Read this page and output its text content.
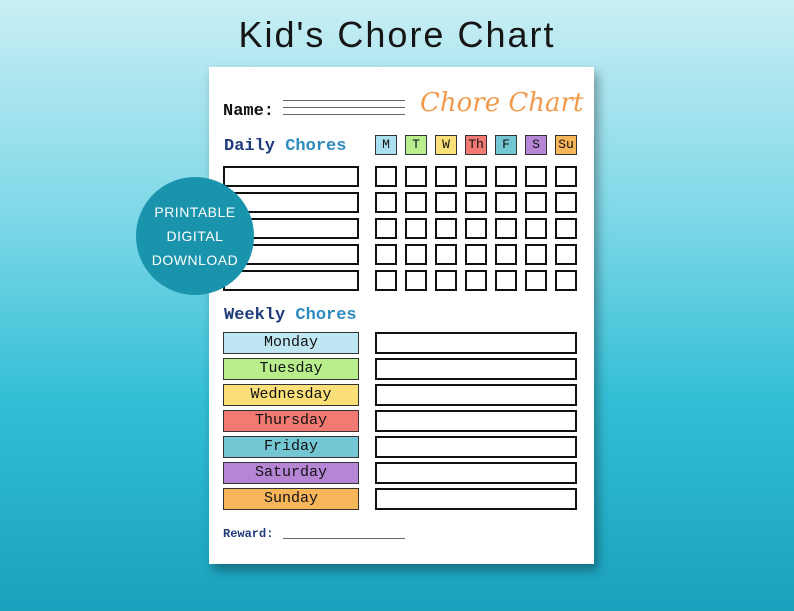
Kid's Chore Chart
PRINTABLE
DIGITAL
DOWNLOAD
Name:	Chore Chart
Daily Chores	M	T	W	Th	F	S	Su
Weekly Chores
Monday
Tuesday
Wednesday
Thursday
Friday
Saturday
Sunday
Reward:
